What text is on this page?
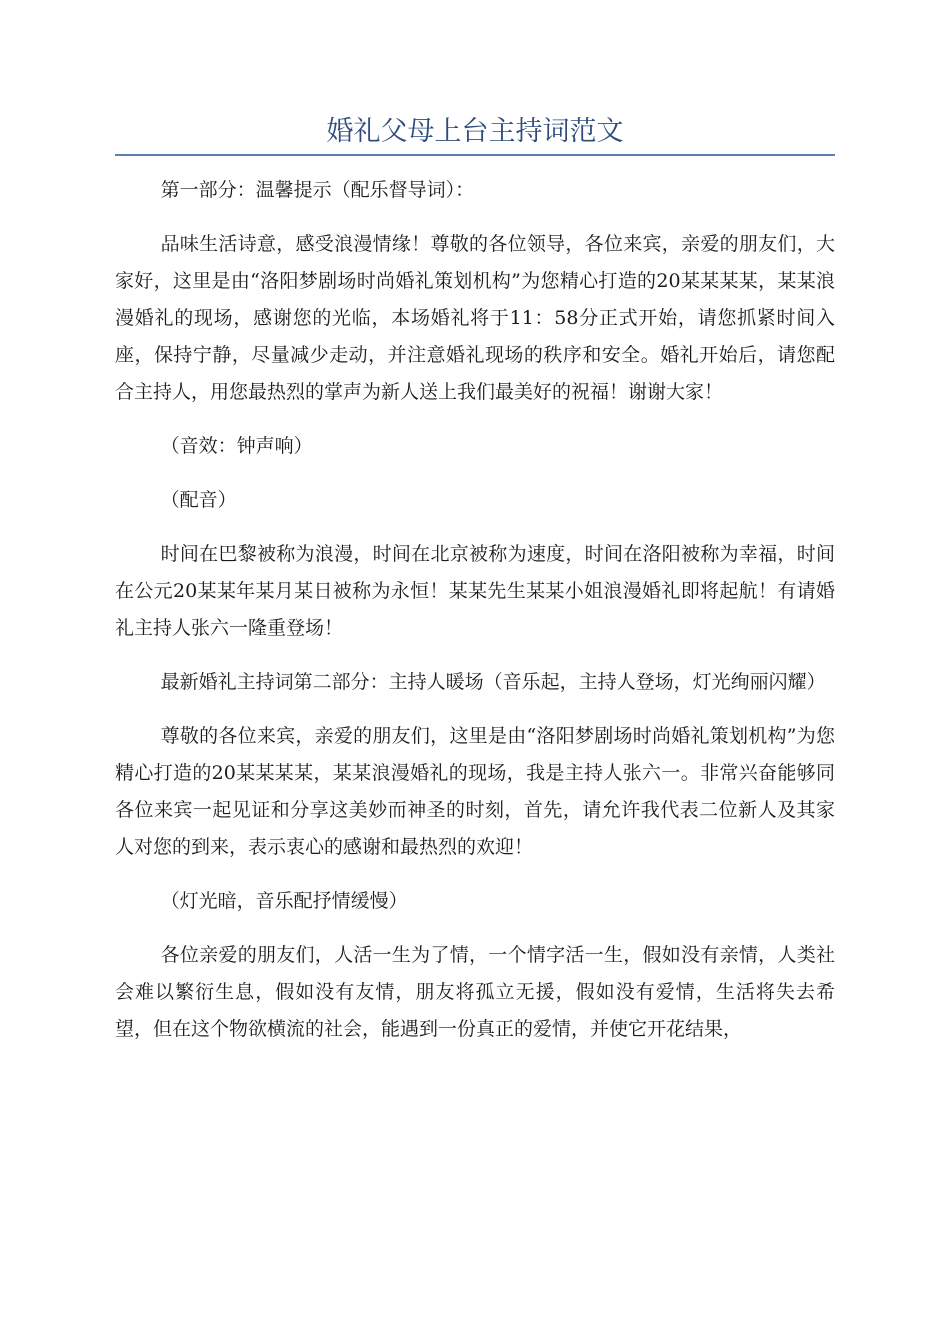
婚礼父母上台主持词范文

第一部分：温馨提示（配乐督导词）：

品味生活诗意，感受浪漫情缘！尊敬的各位领导，各位来宾，亲爱的朋友们，大家好，这里是由“洛阳梦剧场时尚婚礼策划机构”为您精心打造的20某某某某，某某浪漫婚礼的现场，感谢您的光临，本场婚礼将于11：58分正式开始，请您抓紧时间入座，保持宁静，尽量减少走动，并注意婚礼现场的秩序和安全。婚礼开始后，请您配合主持人，用您最热烈的掌声为新人送上我们最美好的祝福！谢谢大家！

（音效：钟声响）

（配音）

时间在巴黎被称为浪漫，时间在北京被称为速度，时间在洛阳被称为幸福，时间在公元20某某年某月某日被称为永恒！某某先生某某小姐浪漫婚礼即将起航！有请婚礼主持人张六一隆重登场！

最新婚礼主持词第二部分：主持人暖场（音乐起，主持人登场，灯光绚丽闪耀）

尊敬的各位来宾，亲爱的朋友们，这里是由“洛阳梦剧场时尚婚礼策划机构”为您精心打造的20某某某某，某某浪漫婚礼的现场，我是主持人张六一。非常兴奋能够同各位来宾一起见证和分享这美妙而神圣的时刻，首先，请允许我代表二位新人及其家人对您的到来，表示衷心的感谢和最热烈的欢迎！

（灯光暗，音乐配抒情缓慢）

各位亲爱的朋友们，人活一生为了情，一个情字活一生，假如没有亲情，人类社会难以繁衍生息，假如没有友情，朋友将孤立无援，假如没有爱情，生活将失去希望，但在这个物欲横流的社会，能遇到一份真正的爱情，并使它开花结果，
